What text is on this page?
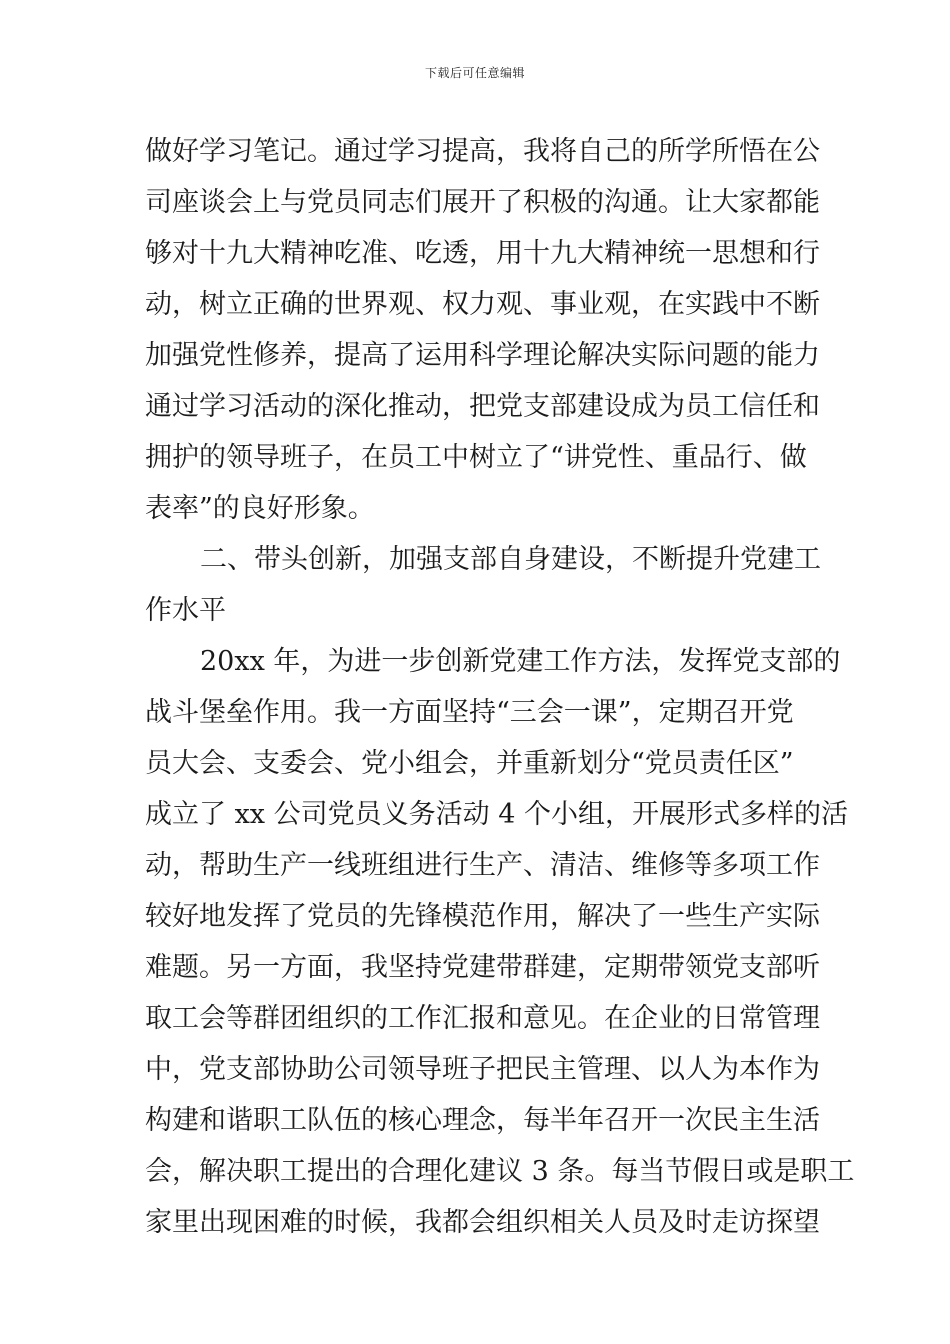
下载后可任意编辑
做好学习笔记。通过学习提高，我将自己的所学所悟在公
司座谈会上与党员同志们展开了积极的沟通。让大家都能
够对十九大精神吃准、吃透，用十九大精神统一思想和行
动，树立正确的世界观、权力观、事业观，在实践中不断
加强党性修养，提高了运用科学理论解决实际问题的能力
通过学习活动的深化推动，把党支部建设成为员工信任和
拥护的领导班子，在员工中树立了“讲党性、重品行、做
表率”的良好形象。
二、带头创新，加强支部自身建设，不断提升党建工
作水平
20xx 年，为进一步创新党建工作方法，发挥党支部的
战斗堡垒作用。我一方面坚持“三会一课”，定期召开党
员大会、支委会、党小组会，并重新划分“党员责任区”
成立了 xx 公司党员义务活动 4 个小组，开展形式多样的活
动，帮助生产一线班组进行生产、清洁、维修等多项工作
较好地发挥了党员的先锋模范作用，解决了一些生产实际
难题。另一方面，我坚持党建带群建，定期带领党支部听
取工会等群团组织的工作汇报和意见。在企业的日常管理
中，党支部协助公司领导班子把民主管理、以人为本作为
构建和谐职工队伍的核心理念，每半年召开一次民主生活
会，解决职工提出的合理化建议 3 条。每当节假日或是职工
家里出现困难的时候，我都会组织相关人员及时走访探望
